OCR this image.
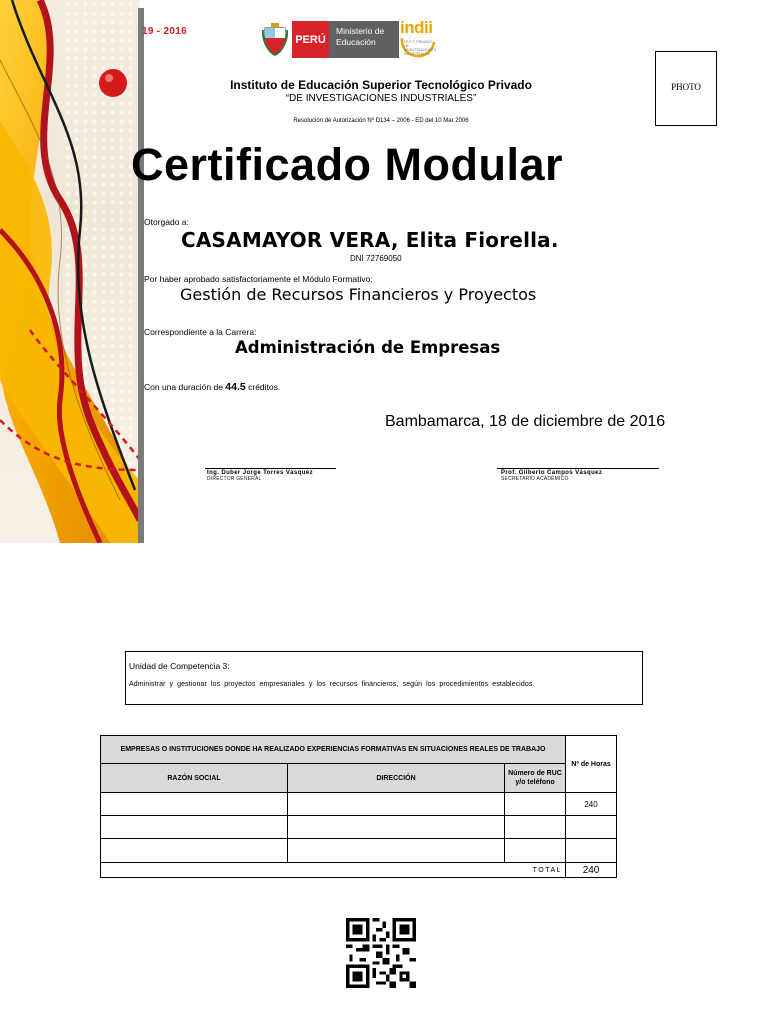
19 - 2016
PERÚ
Ministerio de Educación
indii
I.E.S.T. PRIVADO DE INVESTIGACIONES INDUSTRIALES
PHOTO
Instituto de Educación Superior Tecnológico Privado
“DE INVESTIGACIONES INDUSTRIALES”
Resolución de Autorización Nº D134 – 2006 - ED del 10 Mar 2006
Certificado Modular
Otorgado a:
CASAMAYOR VERA, Elita Fiorella.
DNI 72769050
Por haber aprobado satisfactoriamente el Módulo Formativo:
Gestión de Recursos Financieros y Proyectos
Correspondiente a la Carrera:
Administración de Empresas
Con una duración de 44.5 créditos.
Bambamarca, 18 de diciembre de 2016
Ing. Duber Jorge Torres Vásquez
DIRECTOR GENERAL
Prof. Gilberto Campos Vásquez
SECRETARIO ACADÉMICO
Unidad de Competencia 3:
Administrar y gestionar los proyectos empresariales y los recursos financieros, según los procedimientos establecidos.
EMPRESAS O INSTITUCIONES DONDE HA REALIZADO EXPERIENCIAS FORMATIVAS EN SITUACIONES REALES DE TRABAJO			Nº de Horas
RAZÓN SOCIAL	DIRECCIÓN	Número de RUC y/o teléfono	
			240

TOTAL			240
